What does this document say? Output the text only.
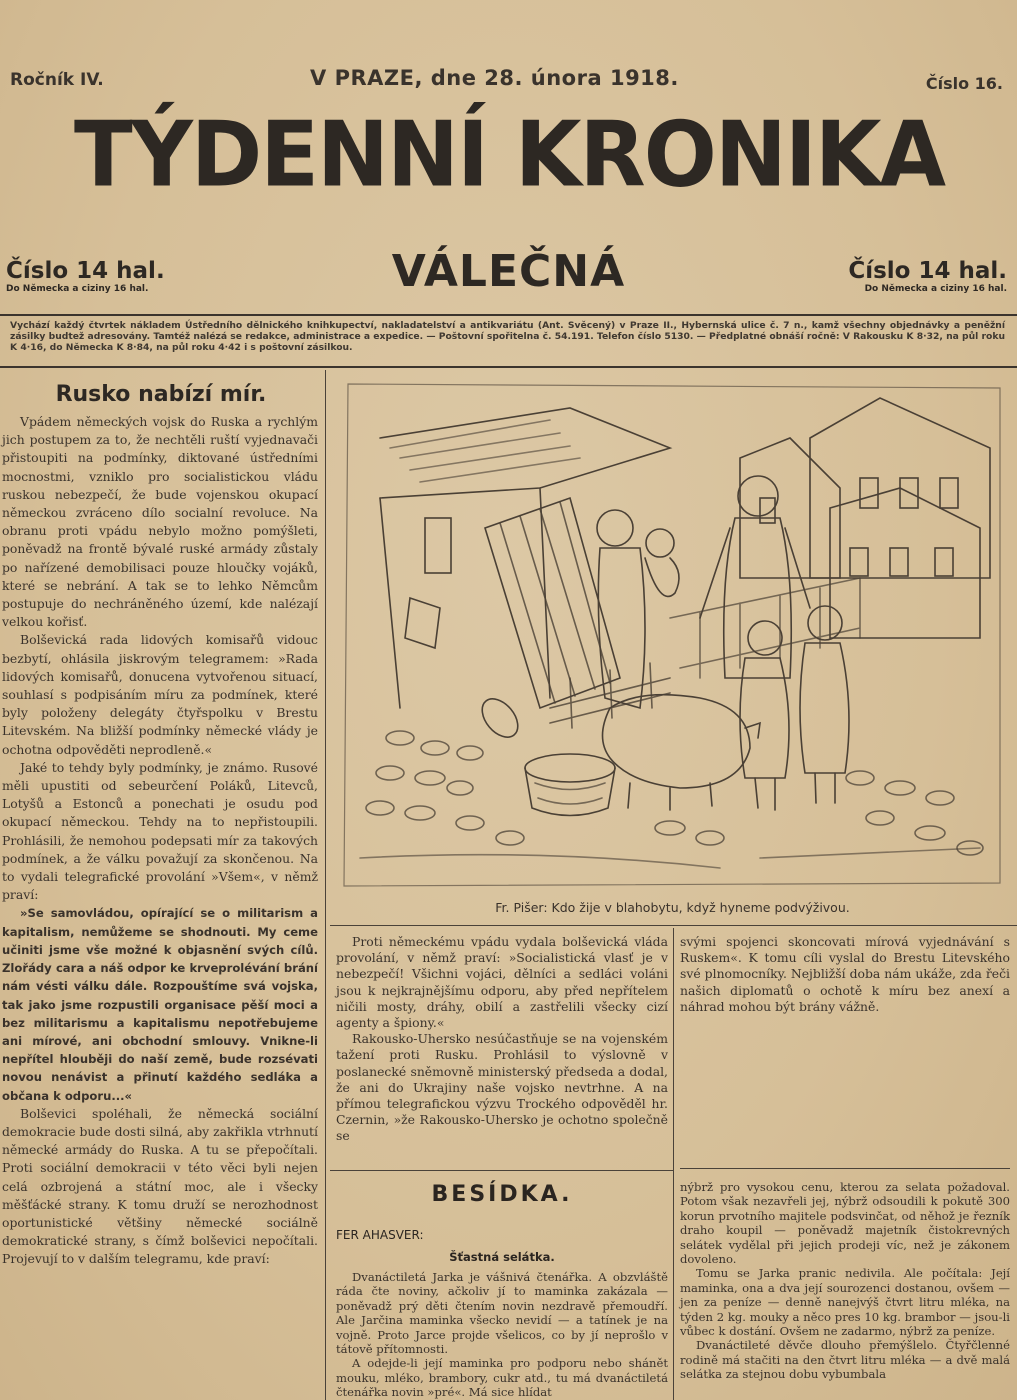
Ročník IV.	V PRAZE, dne 28. února 1918.	Číslo 16.
TÝDENNÍ KRONIKA
Číslo 14 hal.
Do Německa a ciziny 16 hal.	VÁLEČNÁ	Číslo 14 hal.
Do Německa a ciziny 16 hal.
Vychází každý čtvrtek nákladem Ústředního dělnického knihkupectví, nakladatelství a antikvariátu (Ant. Svěcený) v Praze II., Hybernská ulice č. 7 n., kamž všechny objednávky a peněžní zásilky budtež adresovány. Tamtéž nalézá se redakce, administrace a expedice. — Poštovní spořitelna č. 54.191. Telefon číslo 5130. — Předplatné obnáší ročně: V Rakousku K 8·32, na půl roku K 4·16, do Německa K 8·84, na půl roku 4·42 i s poštovní zásilkou.
Rusko nabízí mír.

Vpádem německých vojsk do Ruska a rychlým jich postupem za to, že nechtěli ruští vyjednavači přistoupiti na podmínky, diktované ústředními mocnostmi, vzniklo pro socialistickou vládu ruskou nebezpečí, že bude vojenskou okupací německou zvráceno dílo socialní revoluce. Na obranu proti vpádu nebylo možno pomýšleti, poněvadž na frontě bývalé ruské armády zůstaly po nařízené demobilisaci pouze hloučky vojáků, které se nebrání. A tak se to lehko Němcům postupuje do nechráněného území, kde nalézají velkou kořisť.

Bolševická rada lidových komisařů vidouc bezbytí, ohlásila jiskrovým telegramem: »Rada lidových komisařů, donucena vytvořenou situací, souhlasí s podpisáním míru za podmínek, které byly položeny delegáty čtyřspolku v Brestu Litevském. Na bližší podmínky německé vlády je ochotna odpověděti neprodleně.«

Jaké to tehdy byly podmínky, je známo. Rusové měli upustiti od sebeurčení Poláků, Litevců, Lotyšů a Estonců a ponechati je osudu pod okupací německou. Tehdy na to nepřistoupili. Prohlásili, že nemohou podepsati mír za takových podmínek, a že válku považují za skončenou. Na to vydali telegrafické provolání »Všem«, v němž praví:

»Se samovládou, opírající se o militarism a kapitalism, nemůžeme se shodnouti. My ceme učiniti jsme vše možné k objasnění svých cílů. Zlořády cara a náš odpor ke krveprolévání brání nám vésti válku dále. Rozpouštíme svá vojska, tak jako jsme rozpustili organisace pěší moci a bez militarismu a kapitalismu nepotřebujeme ani mírové, ani obchodní smlouvy. Vnikne-li nepřítel hlouběji do naší země, bude rozsévati novou nenávist a přinutí každého sedláka a občana k odporu...«

Bolševici spoléhali, že německá sociální demokracie bude dosti silná, aby zakřikla vtrhnutí německé armády do Ruska. A tu se přepočítali. Proti sociální demokracii v této věci byli nejen celá ozbrojená a státní moc, ale i všecky měšťácké strany. K tomu druží se nerozhodnost oportunistické většiny německé sociálně demokratické strany, s čímž bolševici nepočítali. Projevují to v dalším telegramu, kde praví:

Fr. Pišer: Kdo žije v blahobytu, když hyneme podvýživou.

Proti německému vpádu vydala bolševická vláda provolání, v němž praví: »Socialistická vlasť je v nebezpečí! Všichni vojáci, dělníci a sedláci voláni jsou k nejkrajnějšímu odporu, aby před nepřítelem ničili mosty, dráhy, obilí a zastřelili všecky cizí agenty a špiony.«

Rakousko-Uhersko nesúčastňuje se na vojenském tažení proti Rusku. Prohlásil to výslovně v poslanecké sněmovně ministerský předseda a dodal, že ani do Ukrajiny naše vojsko nevtrhne. A na přímou telegrafickou výzvu Trockého odpověděl hr. Czernin, »že Rakousko-Uhersko je ochotno společně se

svými spojenci skoncovati mírová vyjednávání s Ruskem«. K tomu cíli vyslal do Brestu Litevského své plnomocníky. Nejbližší doba nám ukáže, zda řeči našich diplomatů o ochotě k míru bez anexí a náhrad mohou být brány vážně.

BESÍDKA.
FER AHASVER:
Šťastná selátka.

Dvanáctiletá Jarka je vášnivá čtenářka. A obzvláště ráda čte noviny, ačkoliv jí to maminka zakázala — poněvadž prý děti čtením novin nezdravě přemoudří. Ale Jarčina maminka všecko nevidí — a tatínek je na vojně. Proto Jarce projde všelicos, co by jí neprošlo v tátově přítomnosti.

A odejde-li její maminka pro podporu nebo shánět mouku, mléko, brambory, cukr atd., tu má dvanáctiletá čtenářka novin »pré«. Má sice hlídat

nýbrž pro vysokou cenu, kterou za selata požadoval. Potom však nezavřeli jej, nýbrž odsoudili k pokutě 300 korun prvotního majitele podsvinčat, od něhož je řezník draho koupil — poněvadž majetník čistokrevných selátek vydělal při jejich prodeji víc, než je zákonem dovoleno.

Tomu se Jarka pranic nedivila. Ale počítala: Její maminka, ona a dva její sourozenci dostanou, ovšem — jen za peníze — denně nanejvýš čtvrt litru mléka, na týden 2 kg. mouky a něco pres 10 kg. brambor — jsou-li vůbec k dostání. Ovšem ne zadarmo, nýbrž za peníze.

Dvanáctileté děvče dlouho přemýšlelo. Čtyřčlenné rodině má stačiti na den čtvrt litru mléka — a dvě malá selátka za stejnou dobu vybumbala
